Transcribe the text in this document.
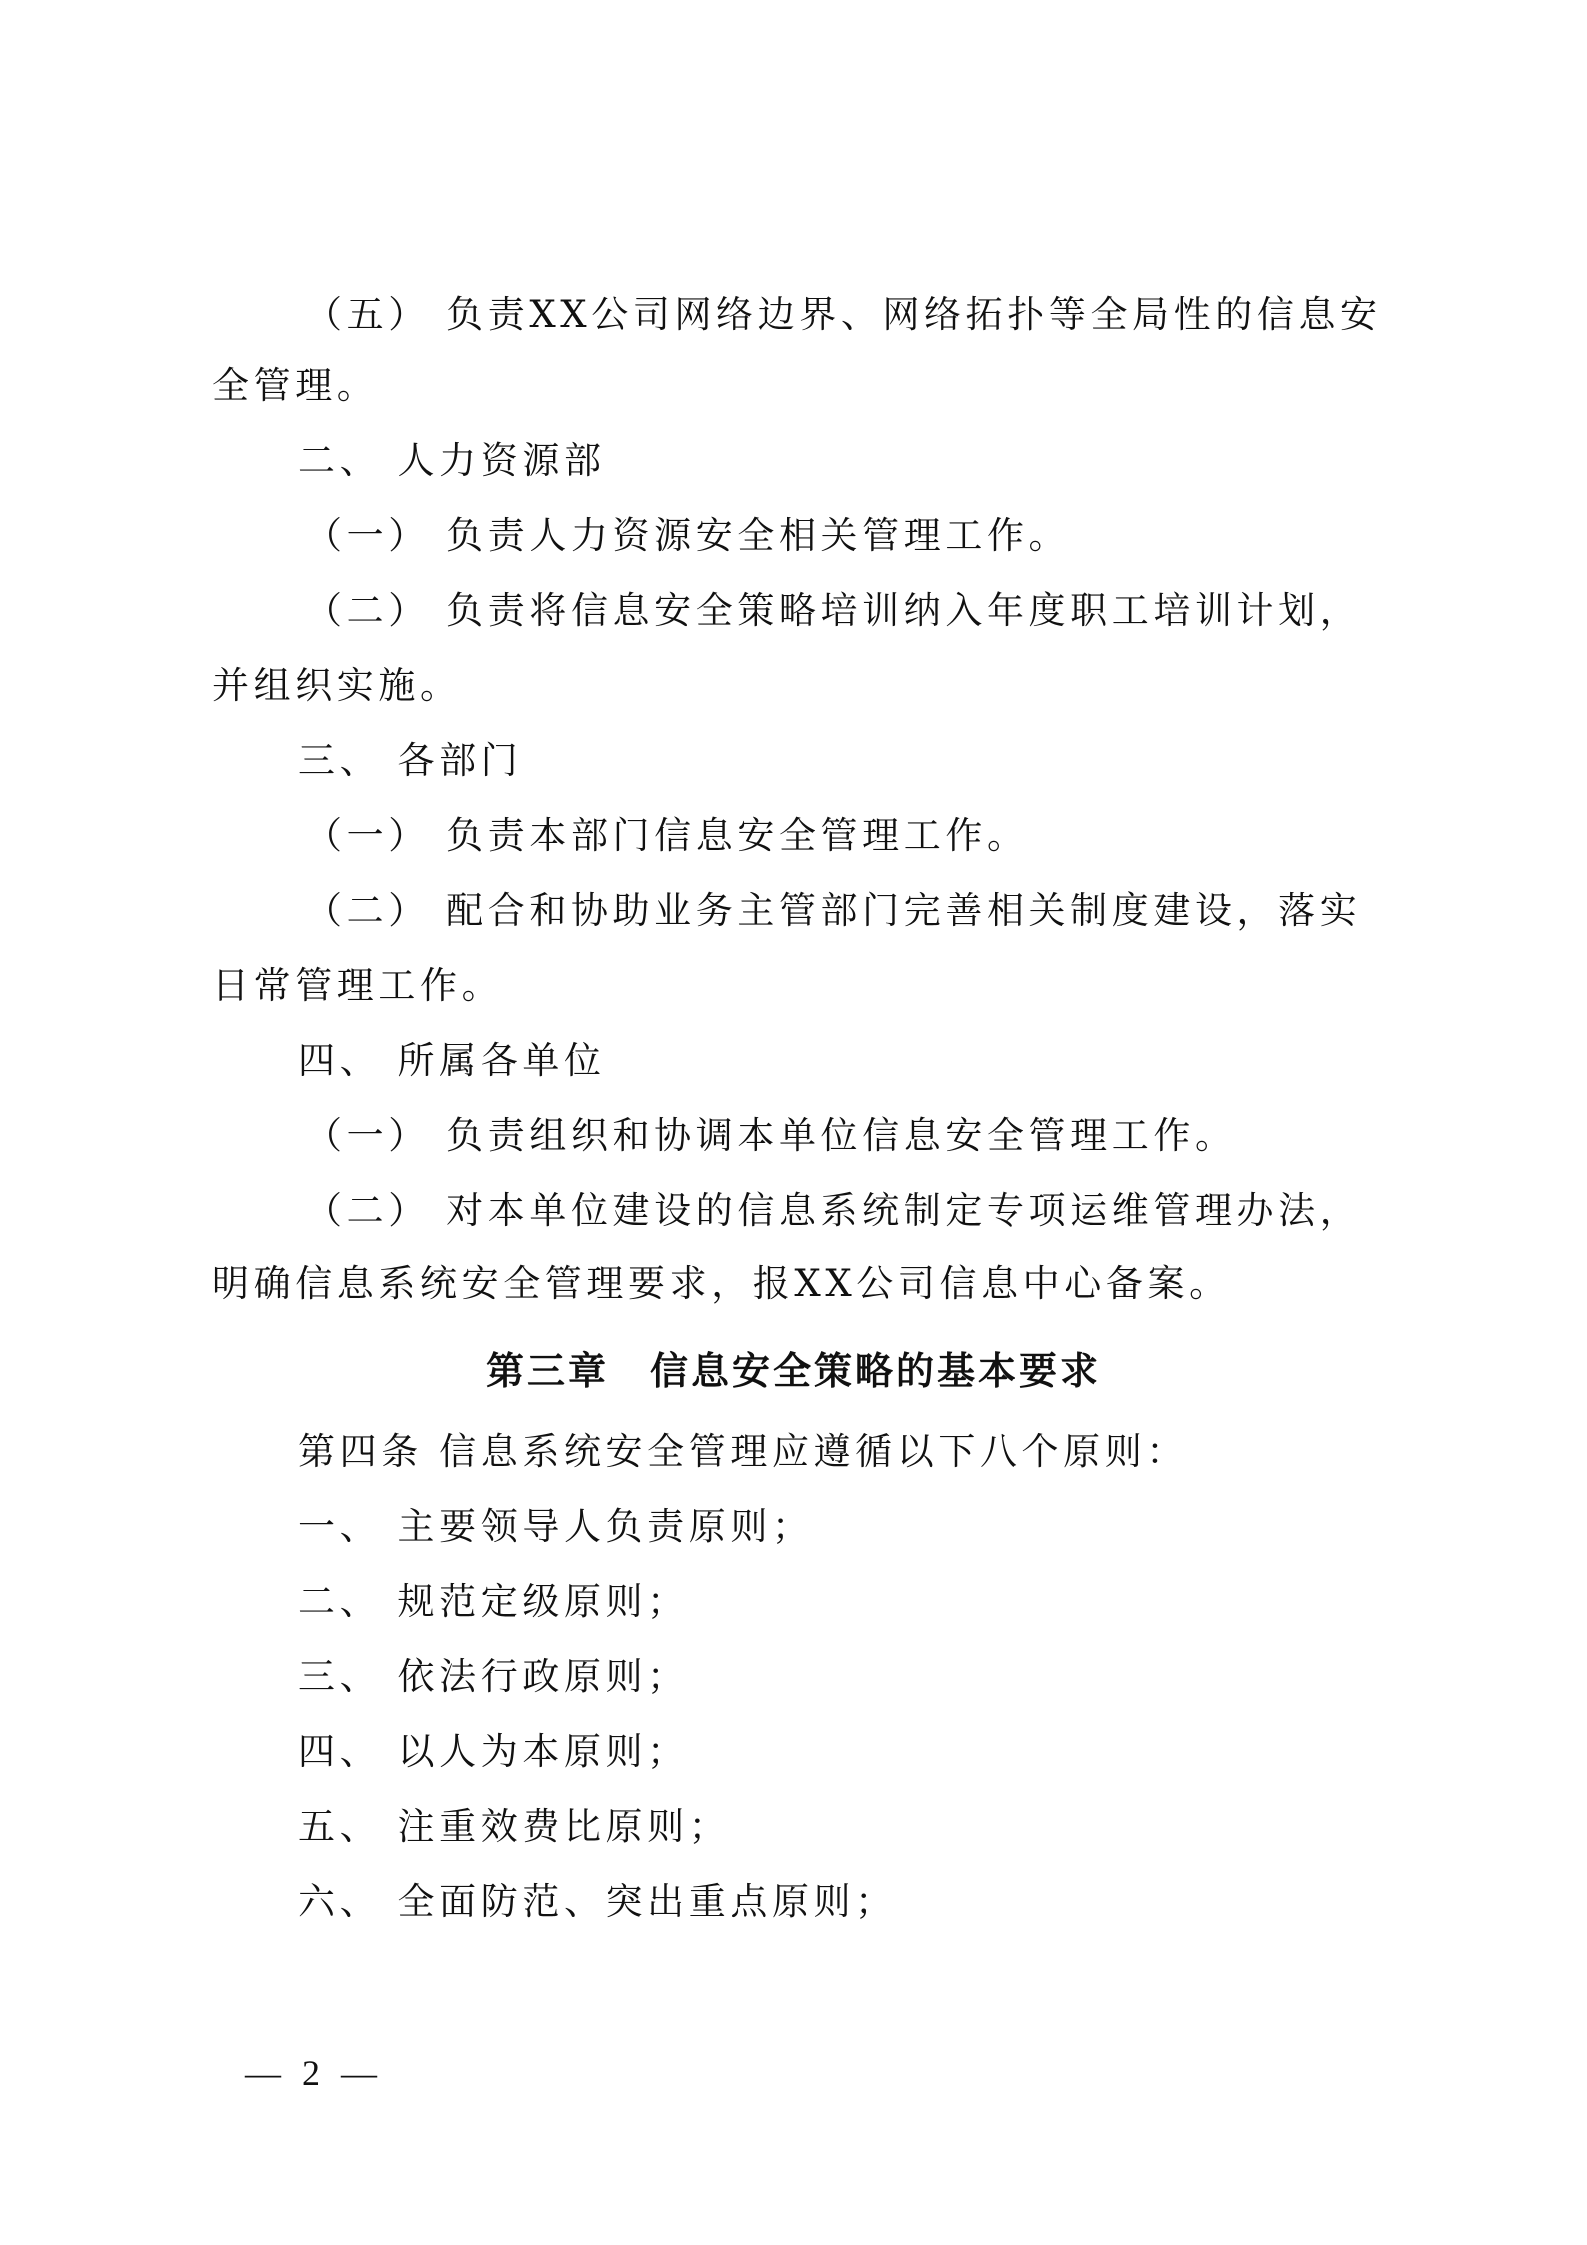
（五） 负责XX公司网络边界、网络拓扑等全局性的信息安
全管理。
二、 人力资源部
（一） 负责人力资源安全相关管理工作。
（二） 负责将信息安全策略培训纳入年度职工培训计划，
并组织实施。
三、 各部门
（一） 负责本部门信息安全管理工作。
（二） 配合和协助业务主管部门完善相关制度建设，落实
日常管理工作。
四、 所属各单位
（一） 负责组织和协调本单位信息安全管理工作。
（二） 对本单位建设的信息系统制定专项运维管理办法，
明确信息系统安全管理要求，报XX公司信息中心备案。
第三章　信息安全策略的基本要求
第四条 信息系统安全管理应遵循以下八个原则：
一、 主要领导人负责原则；
二、 规范定级原则；
三、 依法行政原则；
四、 以人为本原则；
五、 注重效费比原则；
六、 全面防范、突出重点原则；
— 2 —
